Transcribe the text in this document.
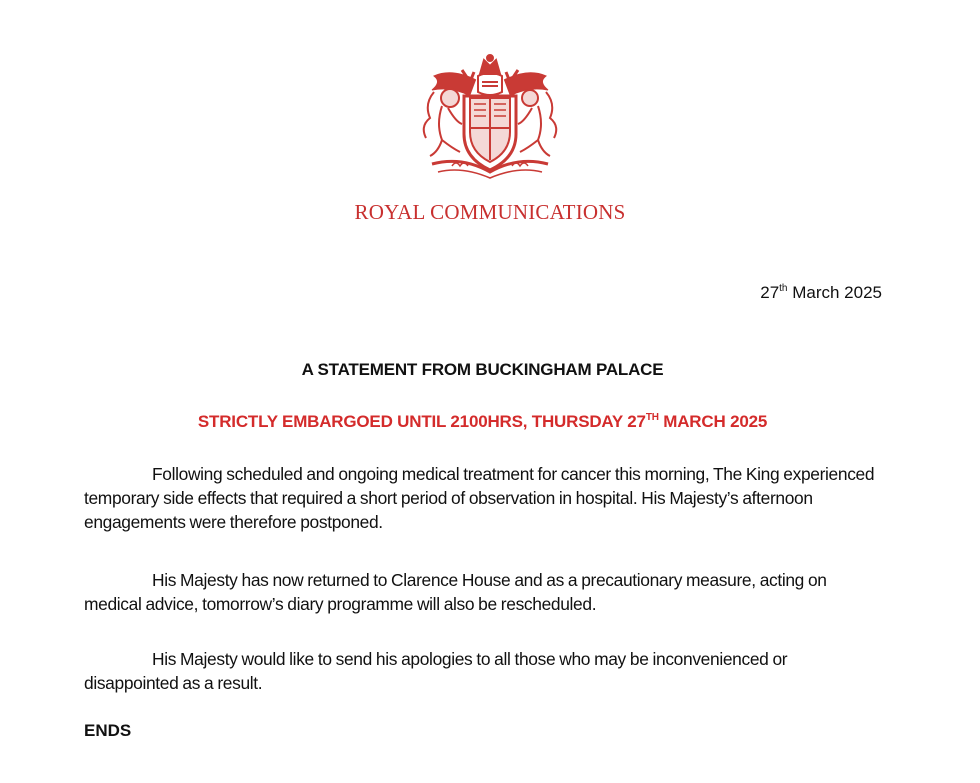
ROYAL COMMUNICATIONS
27th March 2025
A STATEMENT FROM BUCKINGHAM PALACE
STRICTLY EMBARGOED UNTIL 2100HRS, THURSDAY 27TH MARCH 2025
Following scheduled and ongoing medical treatment for cancer this morning, The King experienced temporary side effects that required a short period of observation in hospital. His Majesty’s afternoon engagements were therefore postponed.
His Majesty has now returned to Clarence House and as a precautionary measure, acting on medical advice, tomorrow’s diary programme will also be rescheduled.
His Majesty would like to send his apologies to all those who may be inconvenienced or disappointed as a result.
ENDS
